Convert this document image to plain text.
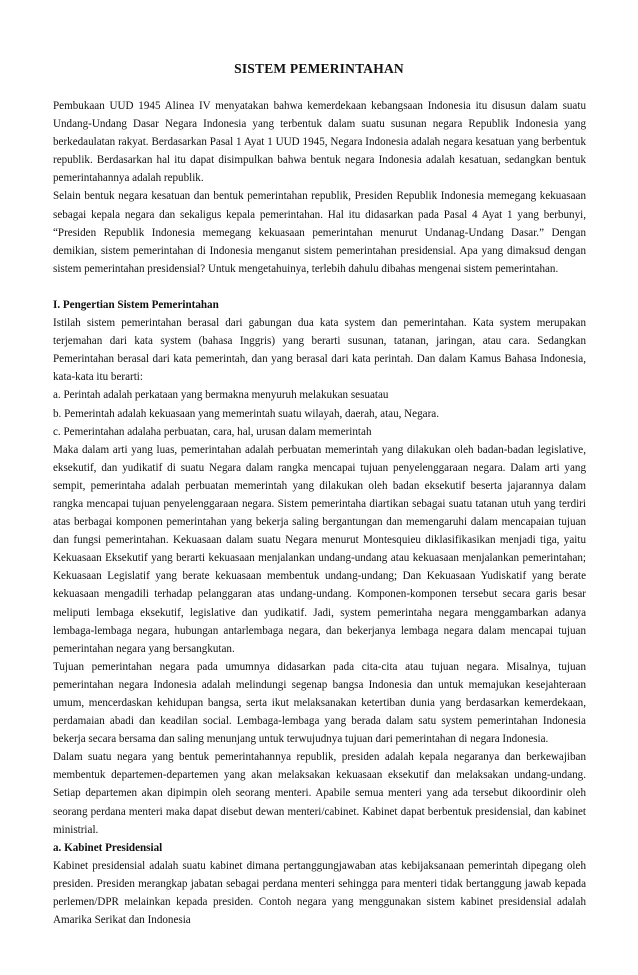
SISTEM PEMERINTAHAN

Pembukaan UUD 1945 Alinea IV menyatakan bahwa kemerdekaan kebangsaan Indonesia itu disusun dalam suatu Undang-Undang Dasar Negara Indonesia yang terbentuk dalam suatu susunan negara Republik Indonesia yang berkedaulatan rakyat. Berdasarkan Pasal 1 Ayat 1 UUD 1945, Negara Indonesia adalah negara kesatuan yang berbentuk republik. Berdasarkan hal itu dapat disimpulkan bahwa bentuk negara Indonesia adalah kesatuan, sedangkan bentuk pemerintahannya adalah republik.

Selain bentuk negara kesatuan dan bentuk pemerintahan republik, Presiden Republik Indonesia memegang kekuasaan sebagai kepala negara dan sekaligus kepala pemerintahan. Hal itu didasarkan pada Pasal 4 Ayat 1 yang berbunyi, “Presiden Republik Indonesia memegang kekuasaan pemerintahan menurut Undanag-Undang Dasar.” Dengan demikian, sistem pemerintahan di Indonesia menganut sistem pemerintahan presidensial. Apa yang dimaksud dengan sistem pemerintahan presidensial? Untuk mengetahuinya, terlebih dahulu dibahas mengenai sistem pemerintahan.

I. Pengertian Sistem Pemerintahan

Istilah sistem pemerintahan berasal dari gabungan dua kata system dan pemerintahan. Kata system merupakan terjemahan dari kata system (bahasa Inggris) yang berarti susunan, tatanan, jaringan, atau cara. Sedangkan Pemerintahan berasal dari kata pemerintah, dan yang berasal dari kata perintah. Dan dalam Kamus Bahasa Indonesia, kata-kata itu berarti:

a. Perintah adalah perkataan yang bermakna menyuruh melakukan sesuatau

b. Pemerintah adalah kekuasaan yang memerintah suatu wilayah, daerah, atau, Negara.

c. Pemerintahan adalaha perbuatan, cara, hal, urusan dalam memerintah

Maka dalam arti yang luas, pemerintahan adalah perbuatan memerintah yang dilakukan oleh badan-badan legislative, eksekutif, dan yudikatif di suatu Negara dalam rangka mencapai tujuan penyelenggaraan negara. Dalam arti yang sempit, pemerintaha adalah perbuatan memerintah yang dilakukan oleh badan eksekutif beserta jajarannya dalam rangka mencapai tujuan penyelenggaraan negara. Sistem pemerintaha diartikan sebagai suatu tatanan utuh yang terdiri atas berbagai komponen pemerintahan yang bekerja saling bergantungan dan memengaruhi dalam mencapaian tujuan dan fungsi pemerintahan. Kekuasaan dalam suatu Negara menurut Montesquieu diklasifikasikan menjadi tiga, yaitu Kekuasaan Eksekutif yang berarti kekuasaan menjalankan undang-undang atau kekuasaan menjalankan pemerintahan; Kekuasaan Legislatif yang berate kekuasaan membentuk undang-undang; Dan Kekuasaan Yudiskatif yang berate kekuasaan mengadili terhadap pelanggaran atas undang-undang. Komponen-komponen tersebut secara garis besar meliputi lembaga eksekutif, legislative dan yudikatif. Jadi, system pemerintaha negara menggambarkan adanya lembaga-lembaga negara, hubungan antarlembaga negara, dan bekerjanya lembaga negara dalam mencapai tujuan pemerintahan negara yang bersangkutan.

Tujuan pemerintahan negara pada umumnya didasarkan pada cita-cita atau tujuan negara. Misalnya, tujuan pemerintahan negara Indonesia adalah melindungi segenap bangsa Indonesia dan untuk memajukan kesejahteraan umum, mencerdaskan kehidupan bangsa, serta ikut melaksanakan ketertiban dunia yang berdasarkan kemerdekaan, perdamaian abadi dan keadilan social. Lembaga-lembaga yang berada dalam satu system pemerintahan Indonesia bekerja secara bersama dan saling menunjang untuk terwujudnya tujuan dari pemerintahan di negara Indonesia.

Dalam suatu negara yang bentuk pemerintahannya republik, presiden adalah kepala negaranya dan berkewajiban membentuk departemen-departemen yang akan melaksakan kekuasaan eksekutif dan melaksakan undang-undang. Setiap departemen akan dipimpin oleh seorang menteri. Apabile semua menteri yang ada tersebut dikoordinir oleh seorang perdana menteri maka dapat disebut dewan menteri/cabinet. Kabinet dapat berbentuk presidensial, dan kabinet ministrial.

a. Kabinet Presidensial

Kabinet presidensial adalah suatu kabinet dimana pertanggungjawaban atas kebijaksanaan pemerintah dipegang oleh presiden. Presiden merangkap jabatan sebagai perdana menteri sehingga para menteri tidak bertanggung jawab kepada perlemen/DPR melainkan kepada presiden. Contoh negara yang menggunakan sistem kabinet presidensial adalah Amarika Serikat dan Indonesia
